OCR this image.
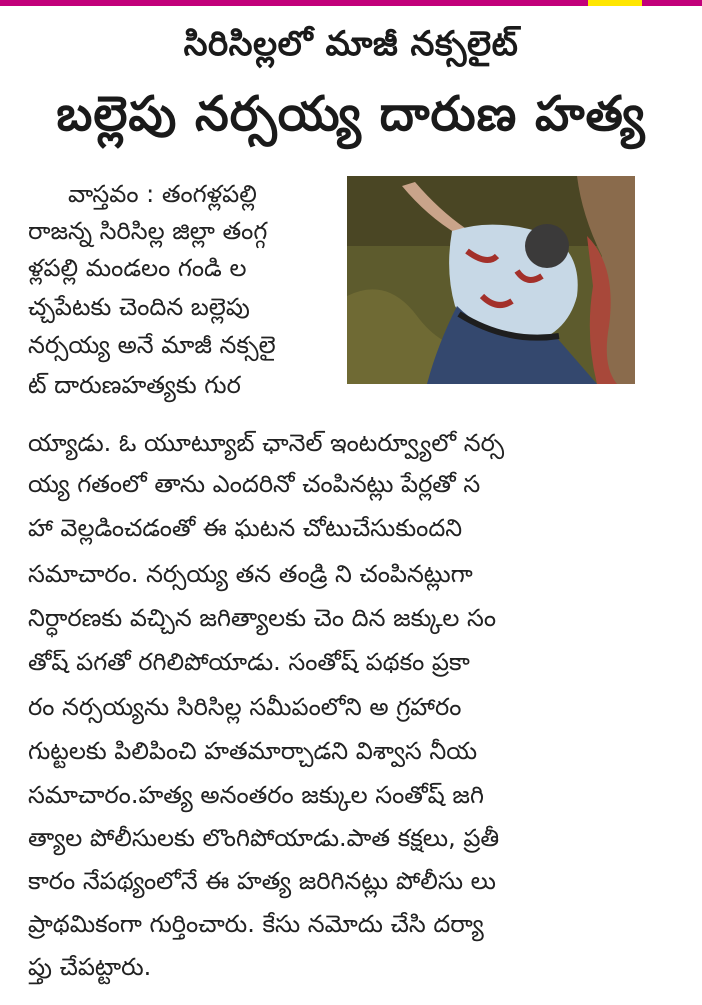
సిరిసిల్లలో మాజీ నక్సలైట్
బల్లెపు నర్సయ్య దారుణ హత్య
వాస్తవం : తంగళ్లపల్లి
రాజన్న సిరిసిల్ల జిల్లా తంగ్గ
ళ్లపల్లి మండలం గండి ల
చ్చపేటకు చెందిన బల్లెపు
నర్సయ్య అనే మాజీ నక్సలై
ట్ దారుణహత్యకు గుర
య్యాడు. ఓ యూట్యూబ్ ఛానెల్ ఇంటర్వ్యూలో నర్స
య్య గతంలో తాను ఎందరినో చంపినట్లు పేర్లతో స
హా వెల్లడించడంతో ఈ ఘటన చోటుచేసుకుందని
సమాచారం. నర్సయ్య తన తండ్రి ని చంపినట్లుగా
నిర్ధారణకు వచ్చిన జగిత్యాలకు చెం దిన జక్కుల సం
తోష్ పగతో రగిలిపోయాడు. సంతోష్ పథకం ప్రకా
రం నర్సయ్యను సిరిసిల్ల సమీపంలోని అ గ్రహారం
గుట్టలకు పిలిపించి హతమార్చాడని విశ్వాస నీయ
సమాచారం.హత్య అనంతరం జక్కుల సంతోష్ జగి
త్యాల పోలీసులకు లొంగిపోయాడు.పాత కక్షలు, ప్రతీ
కారం నేపథ్యంలోనే ఈ హత్య జరిగినట్లు పోలీసు లు
ప్రాథమికంగా గుర్తించారు. కేసు నమోదు చేసి దర్యా
ప్తు చేపట్టారు.
